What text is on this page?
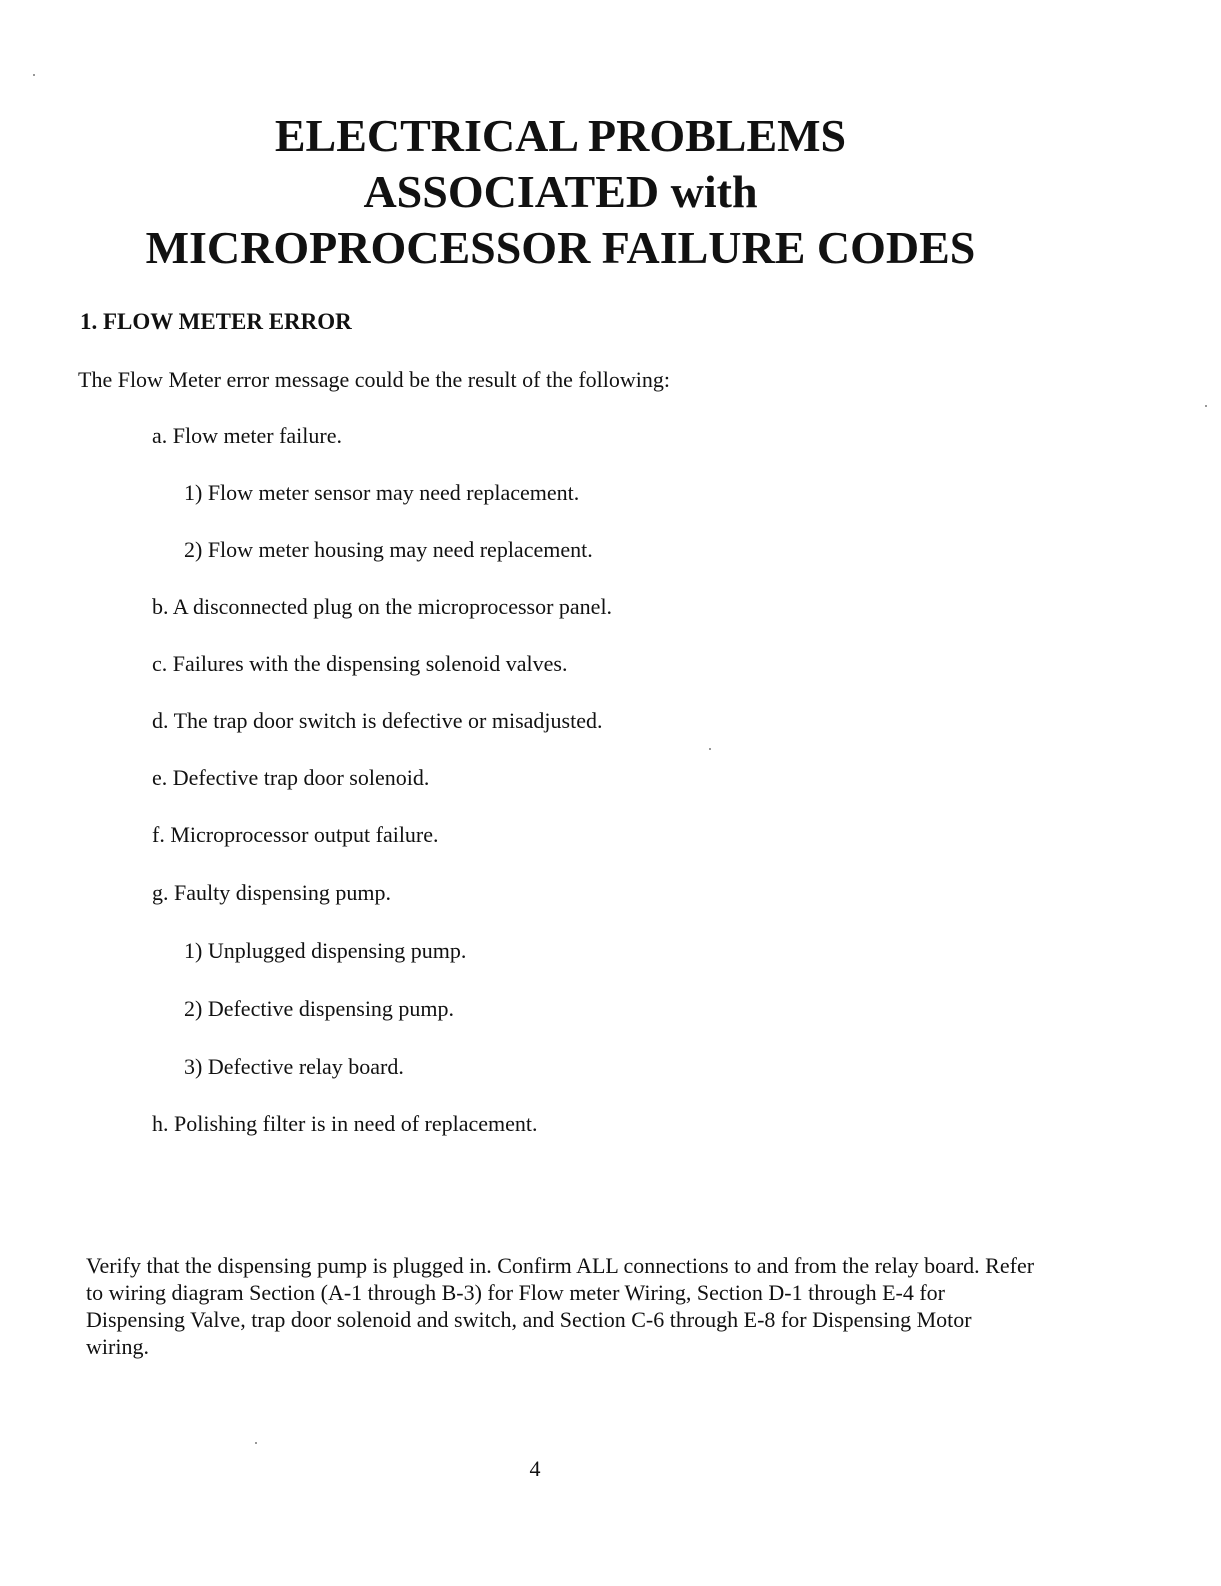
ELECTRICAL PROBLEMS
ASSOCIATED with
MICROPROCESSOR FAILURE CODES
1. FLOW METER ERROR
The Flow Meter error message could be the result of the following:
a. Flow meter failure.
1) Flow meter sensor may need replacement.
2) Flow meter housing may need replacement.
b. A disconnected plug on the microprocessor panel.
c. Failures with the dispensing solenoid valves.
d. The trap door switch is defective or misadjusted.
e. Defective trap door solenoid.
f. Microprocessor output failure.
g. Faulty dispensing pump.
1) Unplugged dispensing pump.
2) Defective dispensing pump.
3) Defective relay board.
h. Polishing filter is in need of replacement.
Verify that the dispensing pump is plugged in. Confirm ALL connections to and from the relay board. Refer to wiring diagram Section (A-1 through B-3) for Flow meter Wiring, Section D-1 through E-4 for Dispensing Valve, trap door solenoid and switch, and Section C-6 through E-8 for Dispensing Motor wiring.
4
